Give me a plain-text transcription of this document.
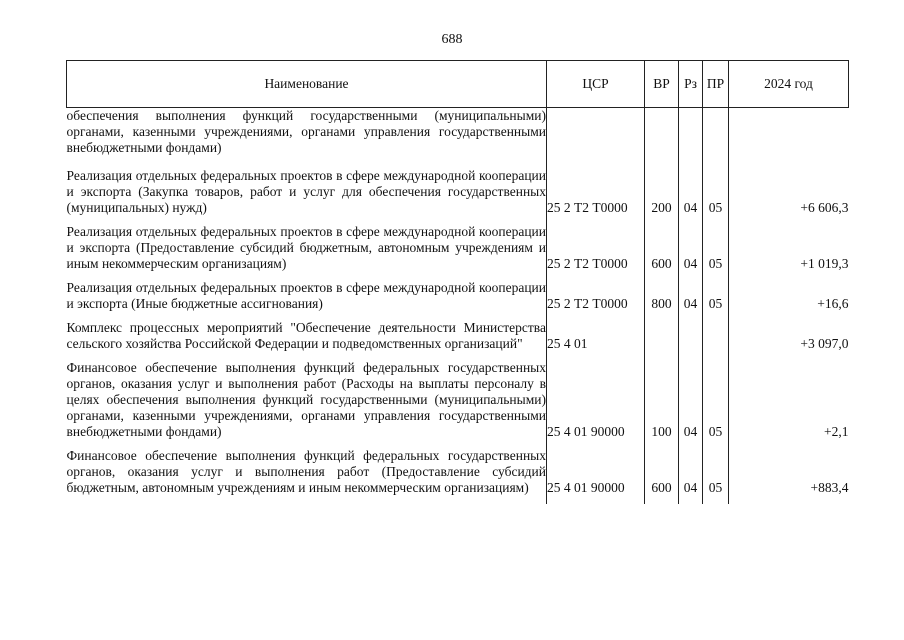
688
Наименование	ЦСР	ВР	Рз	ПР	2024 год
обеспечения выполнения функций государственными (муниципальными) органами, казенными учреждениями, органами управления государственными внебюджетными фондами)					

Реализация отдельных федеральных проектов в сфере международной кооперации и экспорта (Закупка товаров, работ и услуг для обеспечения государственных (муниципальных) нужд)	25 2 Т2 Т0000	200	04	05	+6 606,3

Реализация отдельных федеральных проектов в сфере международной кооперации и экспорта (Предоставление субсидий бюджетным, автономным учреждениям и иным некоммерческим организациям)	25 2 Т2 Т0000	600	04	05	+1 019,3

Реализация отдельных федеральных проектов в сфере международной кооперации и экспорта (Иные бюджетные ассигнования)	25 2 Т2 Т0000	800	04	05	+16,6

Комплекс процессных мероприятий "Обеспечение деятельности Министерства сельского хозяйства Российской Федерации и подведомственных организаций"	25 4 01				+3 097,0

Финансовое обеспечение выполнения функций федеральных государственных органов, оказания услуг и выполнения работ (Расходы на выплаты персоналу в целях обеспечения выполнения функций государственными (муниципальными) органами, казенными учреждениями, органами управления государственными внебюджетными фондами)	25 4 01 90000	100	04	05	+2,1

Финансовое обеспечение выполнения функций федеральных государственных органов, оказания услуг и выполнения работ (Предоставление субсидий бюджетным, автономным учреждениям и иным некоммерческим организациям)	25 4 01 90000	600	04	05	+883,4
